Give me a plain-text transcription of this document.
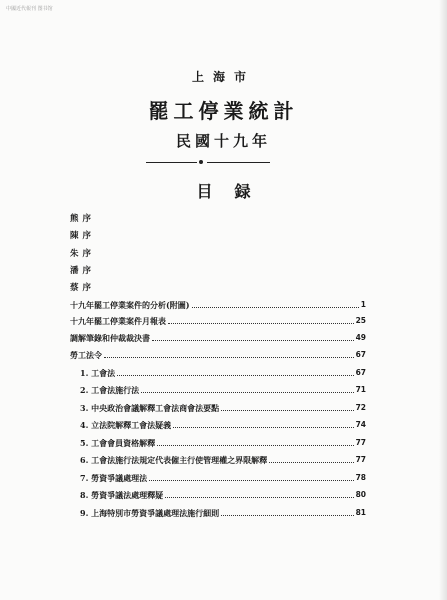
中國近代報刊 图书馆
上海市
罷工停業統計
民國十九年
目録
熊序
陳序
朱序
潘序
蔡序
十九年罷工停業案件的分析(附圖)	1
十九年罷工停業案件月報表	25
調解筆錄和仲裁裁決書	49
勞工法令	67
1. 工會法	67
2. 工會法施行法	71
3. 中央政治會議解釋工會法商會法要點	72
4. 立法院解釋工會法疑義	74
5. 工會會員資格解釋	77
6. 工會法施行法規定代表僱主行使管理權之界限解釋	77
7. 勞資爭議處理法	78
8. 勞資爭議法處理釋疑	80
9. 上海特別市勞資爭議處理法施行細則	81
